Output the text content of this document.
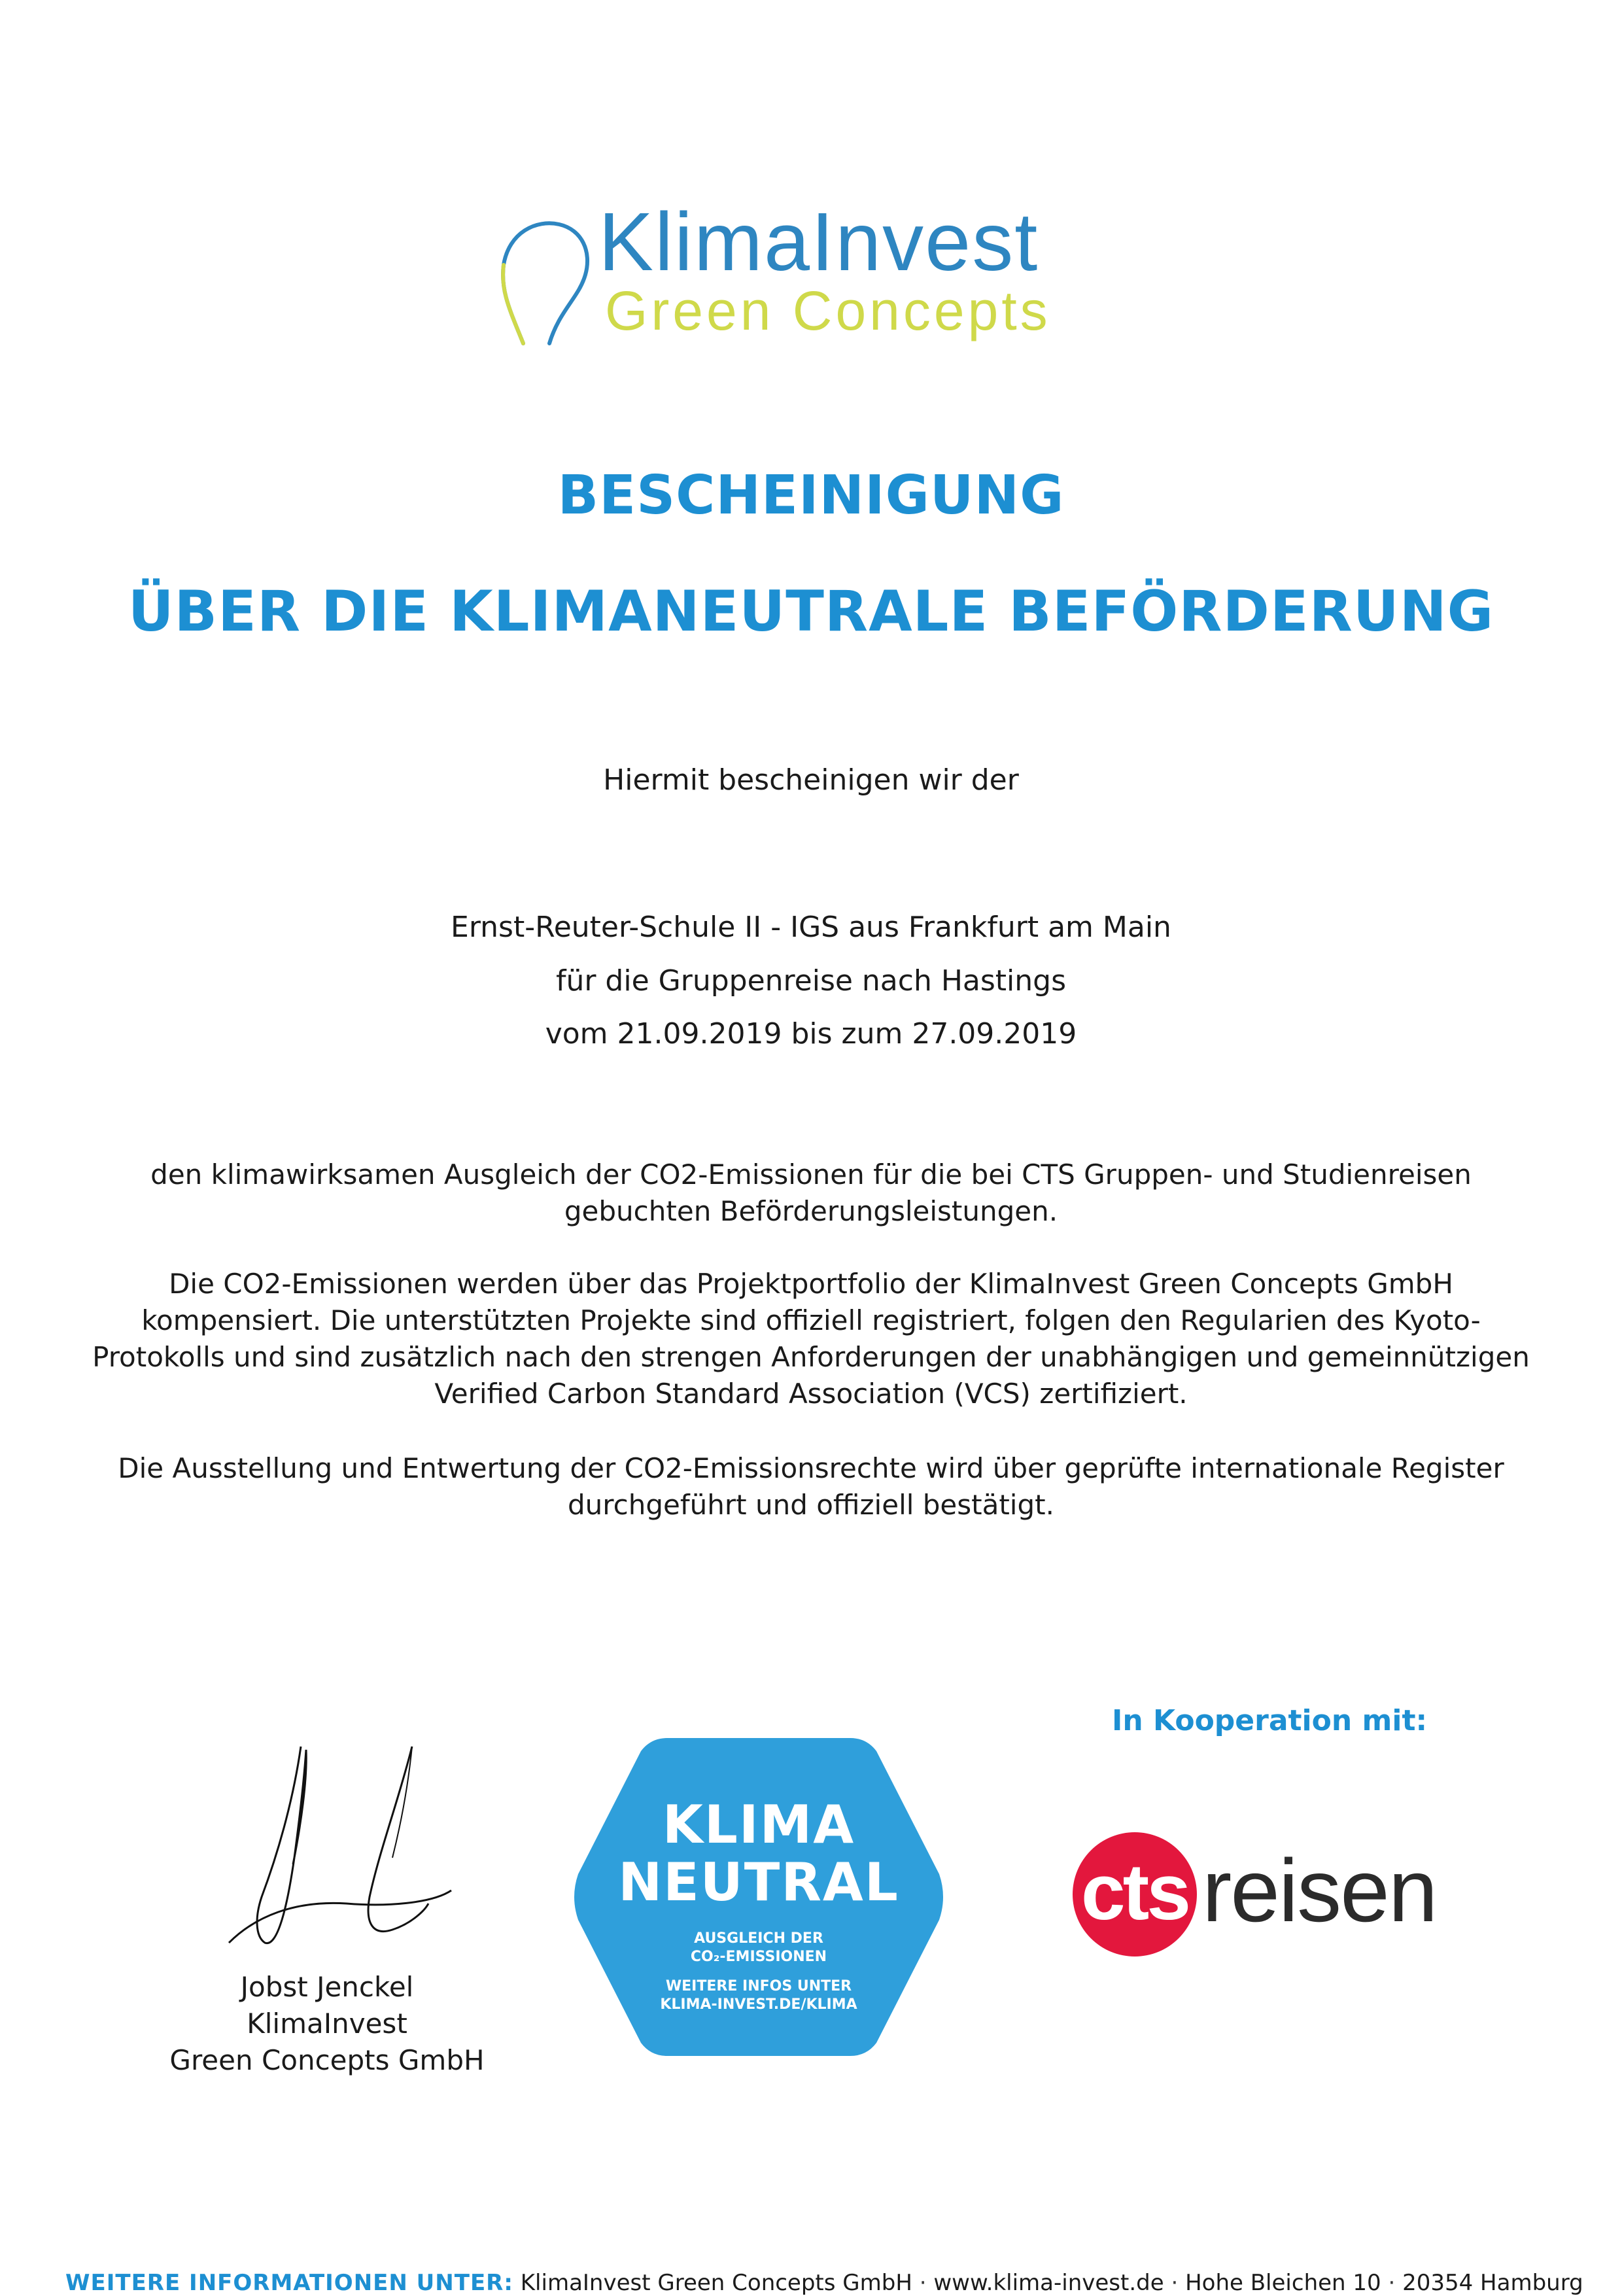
KlimaInvest
Green Concepts
BESCHEINIGUNG
ÜBER DIE KLIMANEUTRALE BEFÖRDERUNG
Hiermit bescheinigen wir der
Ernst-Reuter-Schule II - IGS aus Frankfurt am Main
für die Gruppenreise nach Hastings
vom 21.09.2019 bis zum 27.09.2019
den klimawirksamen Ausgleich der CO2-Emissionen für die bei CTS Gruppen- und Studienreisen
gebuchten Beförderungsleistungen.
Die CO2-Emissionen werden über das Projektportfolio der KlimaInvest Green Concepts GmbH
kompensiert. Die unterstützten Projekte sind offiziell registriert, folgen den Regularien des Kyoto-
Protokolls und sind zusätzlich nach den strengen Anforderungen der unabhängigen und gemeinnützigen
Verified Carbon Standard Association (VCS) zertifiziert.
Die Ausstellung und Entwertung der CO2-Emissionsrechte wird über geprüfte internationale Register
durchgeführt und offiziell bestätigt.
In Kooperation mit:
Jobst Jenckel
KlimaInvest
Green Concepts GmbH
KLIMA
NEUTRAL
AUSGLEICH DER
CO₂-EMISSIONEN
WEITERE INFOS UNTER
KLIMA-INVEST.DE/KLIMA
cts reisen
WEITERE INFORMATIONEN UNTER: KlimaInvest Green Concepts GmbH · www.klima-invest.de · Hohe Bleichen 10 · 20354 Hamburg
